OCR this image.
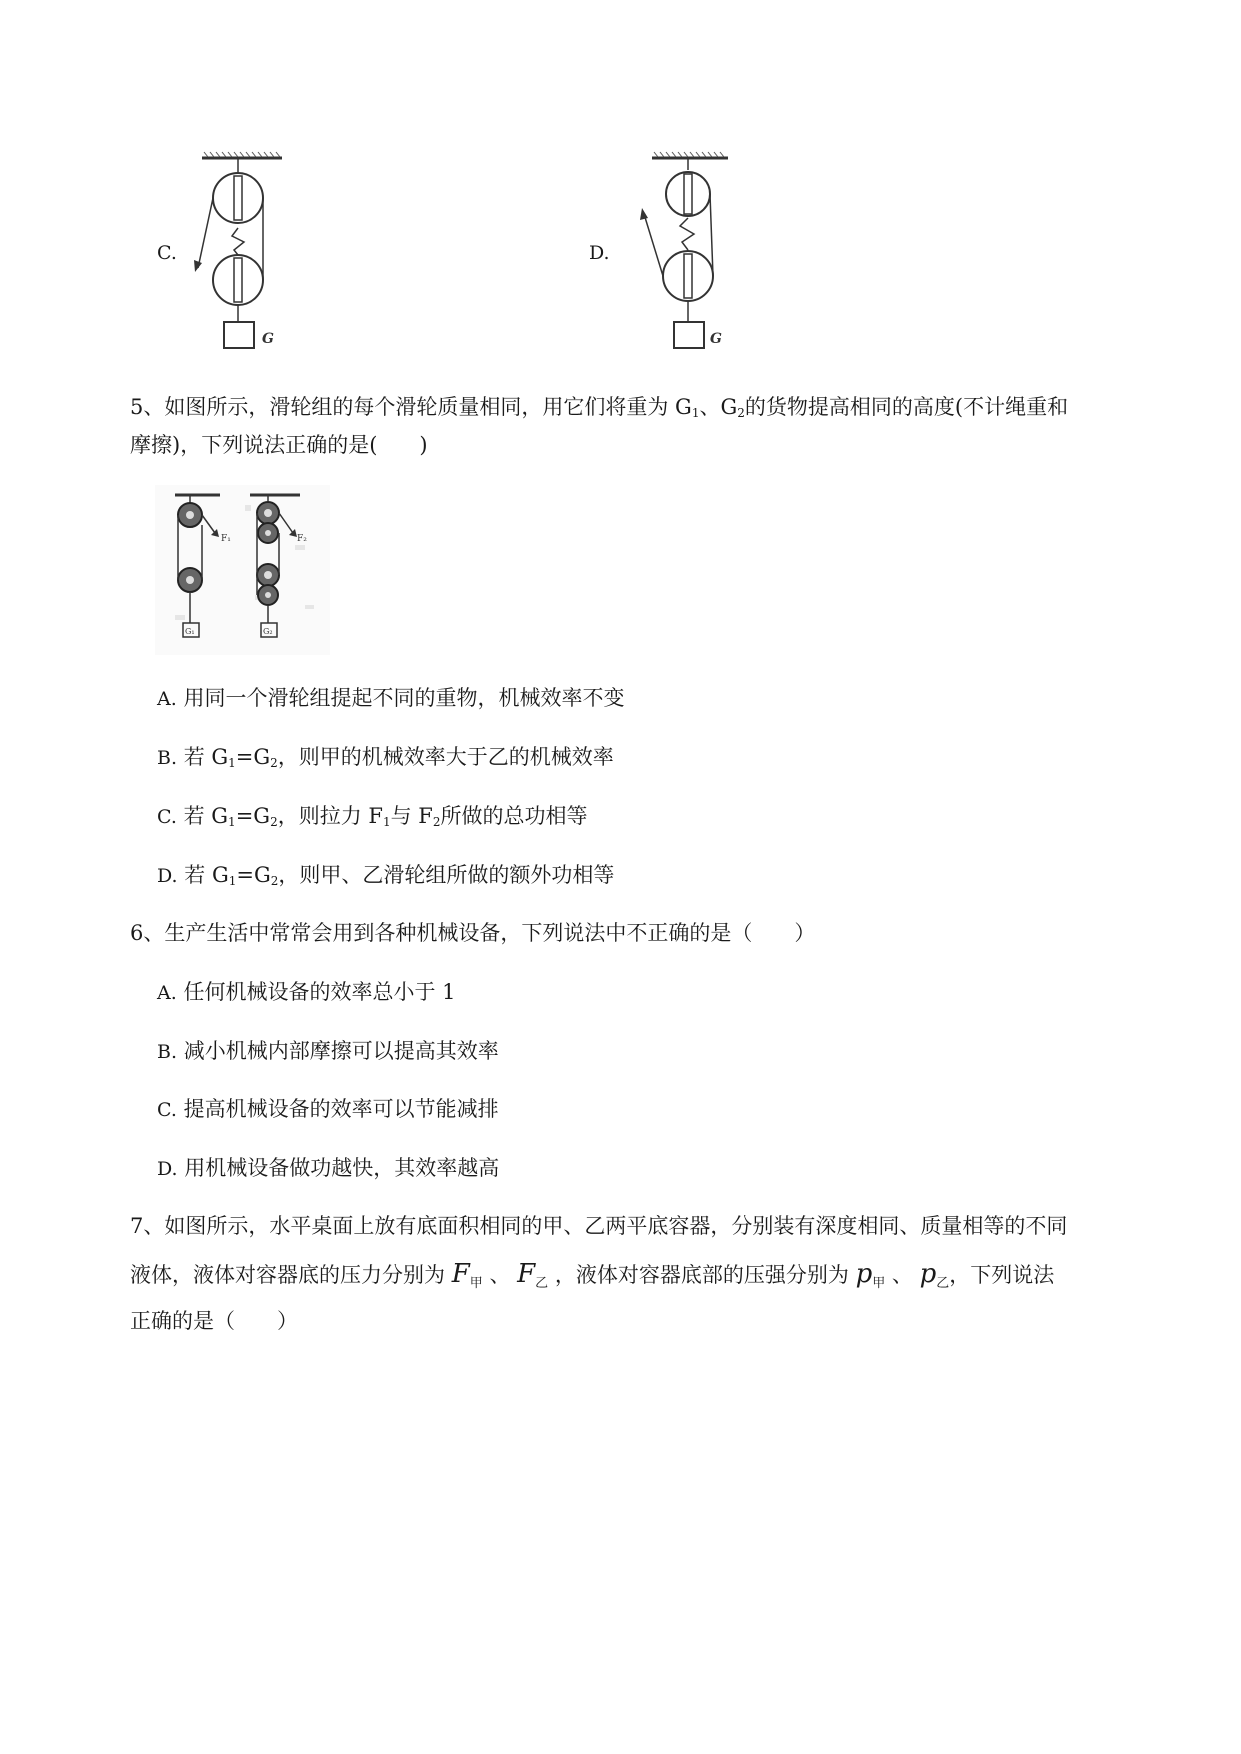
C.
G
D.
G
5、如图所示，滑轮组的每个滑轮质量相同，用它们将重为 $G_1$、$G_2$的货物提高相同的高度(不计绳重和
摩擦)，下列说法正确的是(　　)
F₁
G₁
F₂
G₂
A. 用同一个滑轮组提起不同的重物，机械效率不变
B. 若 $G_1=G_2$，则甲的机械效率大于乙的机械效率
C. 若 $G_1=G_2$，则拉力 $F_1$与 $F_2$所做的总功相等
D. 若 $G_1=G_2$，则甲、乙滑轮组所做的额外功相等
6、生产生活中常常会用到各种机械设备，下列说法中不正确的是（　　）
A. 任何机械设备的效率总小于 1
B. 减小机械内部摩擦可以提高其效率
C. 提高机械设备的效率可以节能减排
D. 用机械设备做功越快，其效率越高
7、如图所示，水平桌面上放有底面积相同的甲、乙两平底容器，分别装有深度相同、质量相等的不同
液体，液体对容器底的压力分别为 $F_甲$ 、 $F_乙$ ，液体对容器底部的压强分别为 $p_甲$ 、 $p_乙$，下列说法
正确的是（　　）
